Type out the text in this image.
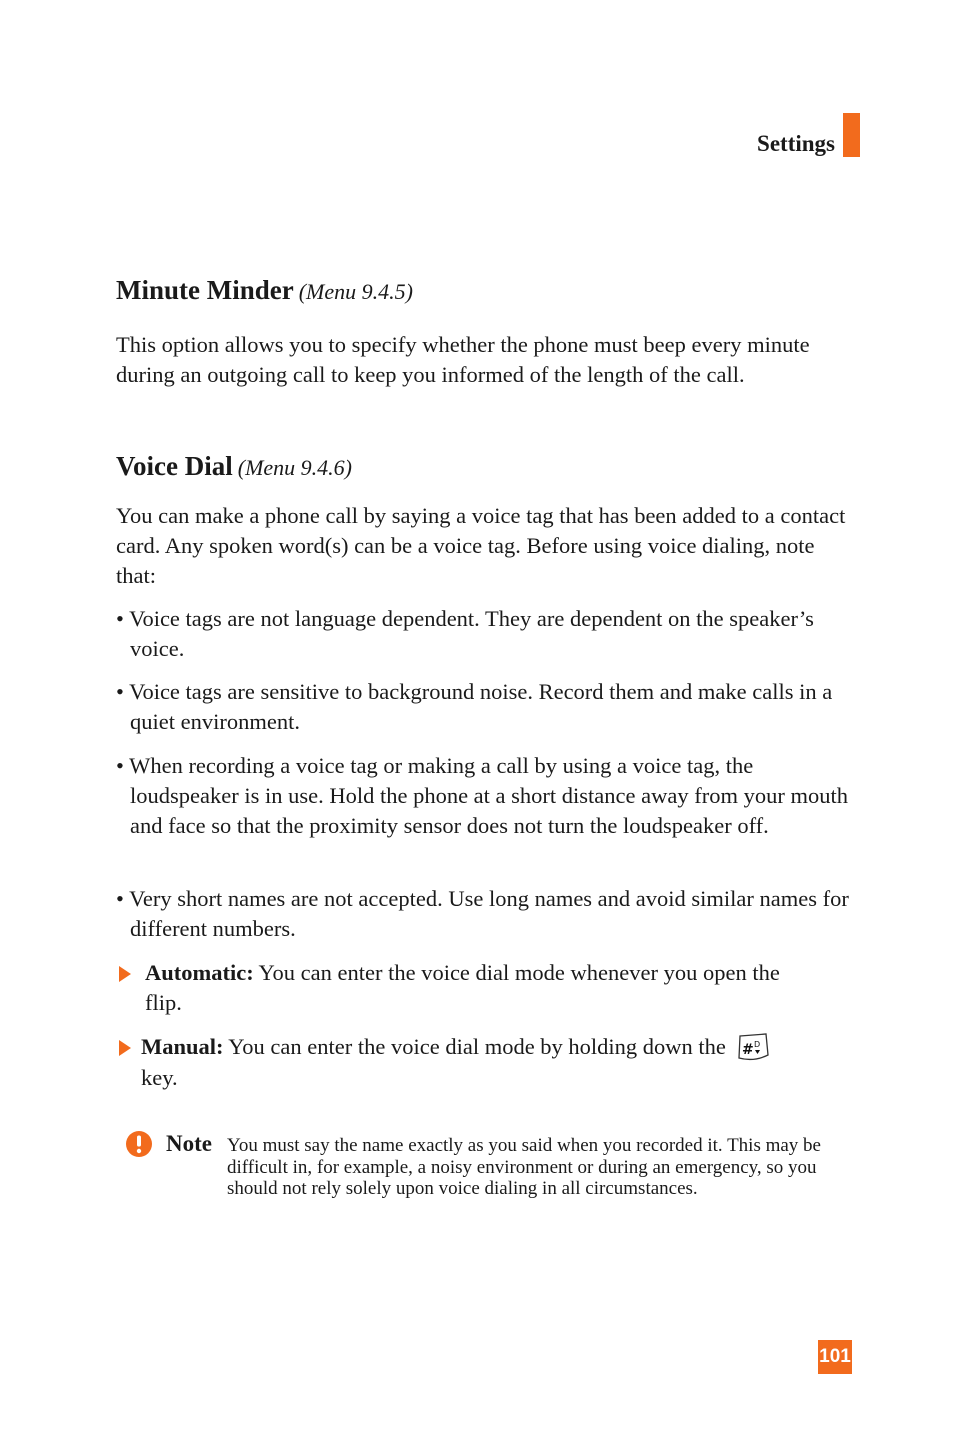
Settings
Minute Minder (Menu 9.4.5)
This option allows you to specify whether the phone must beep every minute during an outgoing call to keep you informed of the length of the call.
Voice Dial (Menu 9.4.6)
You can make a phone call by saying a voice tag that has been added to a contact card. Any spoken word(s) can be a voice tag. Before using voice dialing, note that:
• Voice tags are not language dependent. They are dependent on the speaker’s voice.
• Voice tags are sensitive to background noise. Record them and make calls in a quiet environment.
• When recording a voice tag or making a call by using a voice tag, the loudspeaker is in use. Hold the phone at a short distance away from your mouth and face so that the proximity sensor does not turn the loudspeaker off.
• Very short names are not accepted. Use long names and avoid similar names for different numbers.
Automatic: You can enter the voice dial mode whenever you open the
flip.
Manual: You can enter the voice dial mode by holding down the # D

key.
Note You must say the name exactly as you said when you recorded it. This may be difficult in, for example, a noisy environment or during an emergency, so you should not rely solely upon voice dialing in all circumstances.
101
